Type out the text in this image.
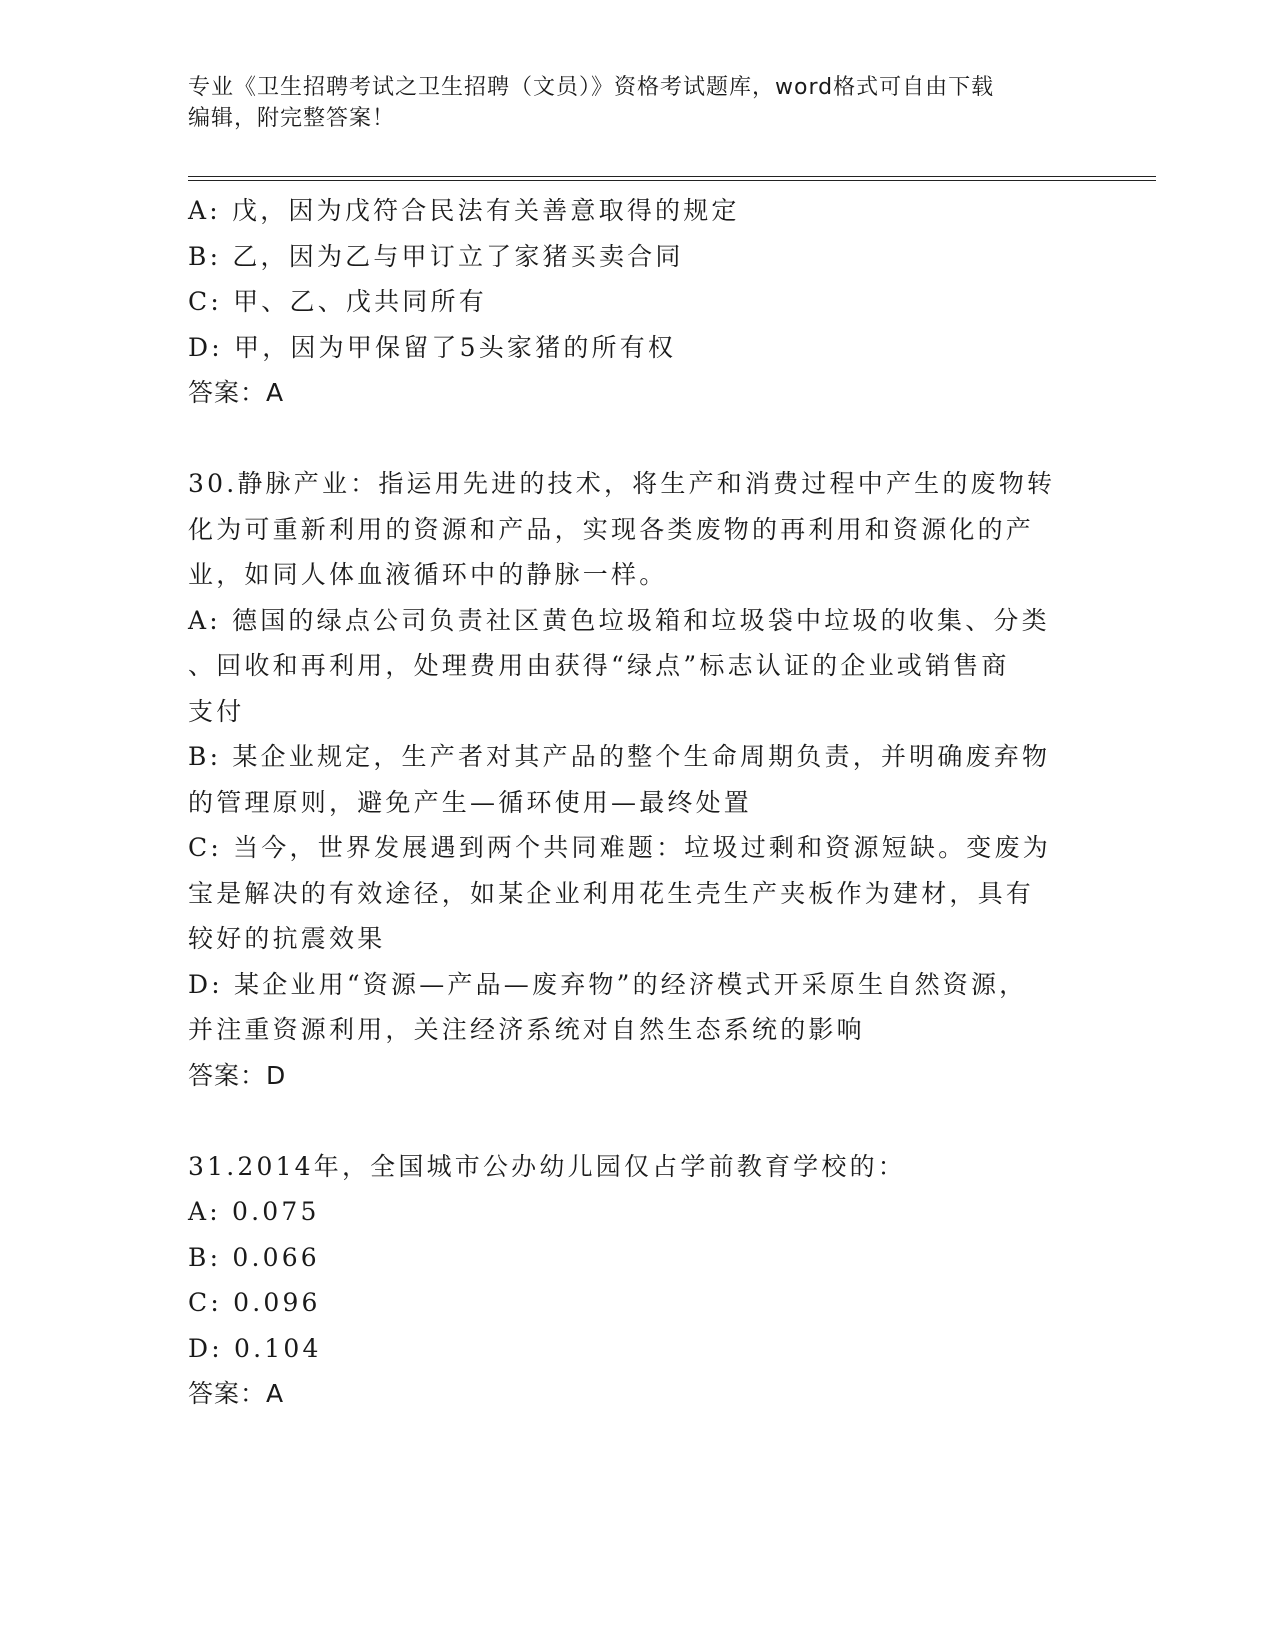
专业《卫生招聘考试之卫生招聘（文员）》资格考试题库，word格式可自由下载
编辑，附完整答案！
A: 戊，因为戊符合民法有关善意取得的规定
B: 乙，因为乙与甲订立了家猪买卖合同
C: 甲、乙、戊共同所有
D: 甲，因为甲保留了5头家猪的所有权
答案：A
30.静脉产业：指运用先进的技术，将生产和消费过程中产生的废物转
化为可重新利用的资源和产品，实现各类废物的再利用和资源化的产
业，如同人体血液循环中的静脉一样。
A: 德国的绿点公司负责社区黄色垃圾箱和垃圾袋中垃圾的收集、分类
、回收和再利用，处理费用由获得“绿点”标志认证的企业或销售商
支付
B: 某企业规定，生产者对其产品的整个生命周期负责，并明确废弃物
的管理原则，避免产生—循环使用—最终处置
C: 当今，世界发展遇到两个共同难题：垃圾过剩和资源短缺。变废为
宝是解决的有效途径，如某企业利用花生壳生产夹板作为建材，具有
较好的抗震效果
D: 某企业用“资源—产品—废弃物”的经济模式开采原生自然资源，
并注重资源利用，关注经济系统对自然生态系统的影响
答案：D
31.2014年，全国城市公办幼儿园仅占学前教育学校的：
A: 0.075
B: 0.066
C: 0.096
D: 0.104
答案：A
